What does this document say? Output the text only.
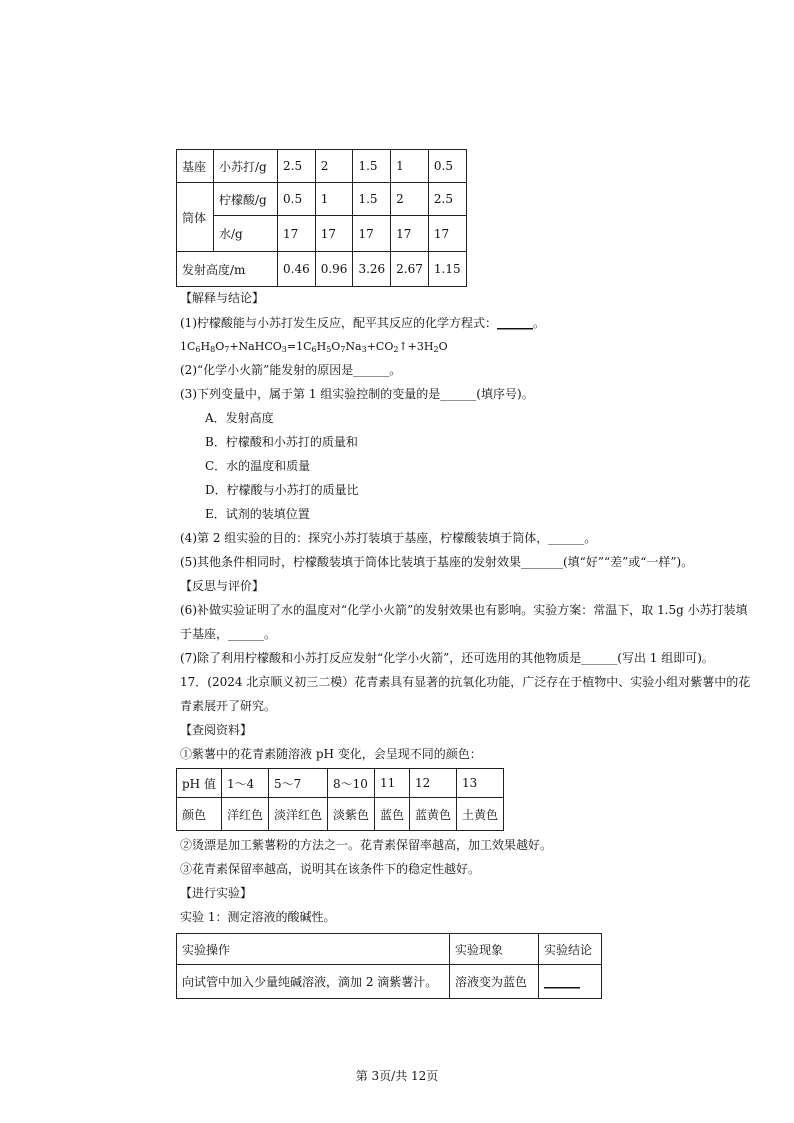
基座	小苏打/g	2.5	2	1.5	1	0.5
筒体	柠檬酸/g	0.5	1	1.5	2	2.5
	水/g	17	17	17	17	17
发射高度/m		0.46	0.96	3.26	2.67	1.15
【解释与结论】
(1)柠檬酸能与小苏打发生反应，配平其反应的化学方程式：______。
$1C_6H_8O_7+NaHCO_3=1C_6H_5O_7Na_3+CO_2↑+3H_2O$
(2)“化学小火箭”能发射的原因是______。
(3)下列变量中，属于第 1 组实验控制的变量的是______(填序号)。
A．发射高度
B．柠檬酸和小苏打的质量和
C．水的温度和质量
D．柠檬酸与小苏打的质量比
E．试剂的装填位置
(4)第 2 组实验的目的：探究小苏打装填于基座，柠檬酸装填于筒体，______。
(5)其他条件相同时，柠檬酸装填于筒体比装填于基座的发射效果_______(填“好”“差”或“一样”)。
【反思与评价】
(6)补做实验证明了水的温度对“化学小火箭”的发射效果也有影响。实验方案：常温下，取 1.5g 小苏打装填
于基座，______。
(7)除了利用柠檬酸和小苏打反应发射“化学小火箭”，还可选用的其他物质是______(写出 1 组即可)。
17．(2024 北京顺义初三二模）花青素具有显著的抗氧化功能，广泛存在于植物中、实验小组对紫薯中的花
青素展开了研究。
【查阅资料】
①紫薯中的花青素随溶液 pH 变化，会呈现不同的颜色：
pH 值	1～4	5～7	8～10	11	12	13
颜色	洋红色	淡洋红色	淡紫色	蓝色	蓝黄色	土黄色
②烫漂是加工紫薯粉的方法之一。花青素保留率越高，加工效果越好。
③花青素保留率越高，说明其在该条件下的稳定性越好。
【进行实验】
实验 1：测定溶液的酸碱性。
实验操作	实验现象	实验结论
向试管中加入少量纯碱溶液，滴加 2 滴紫薯汁。	溶液变为蓝色	______
第 3页/共 12页
